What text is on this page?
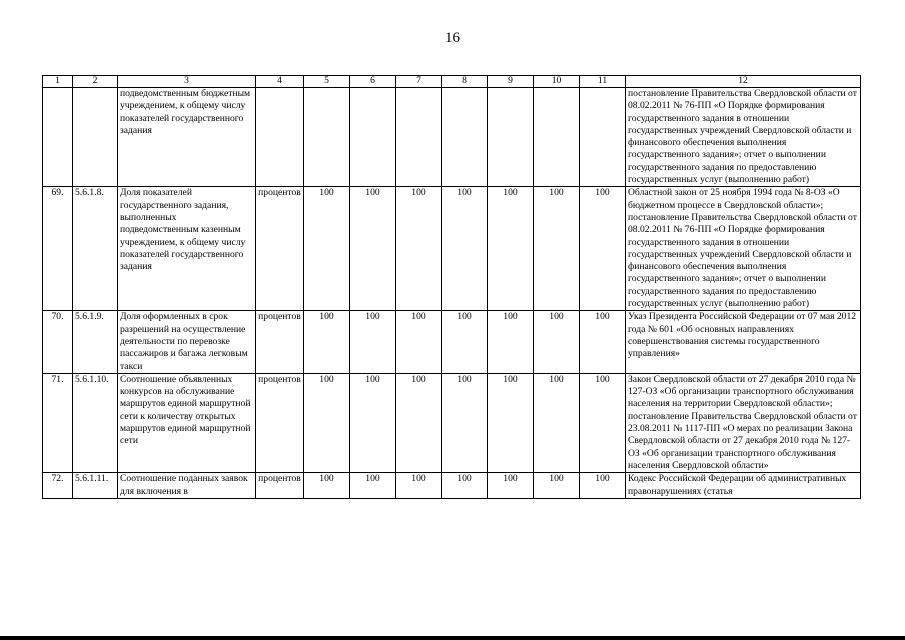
16
1	2	3	4	5	6	7	8	9	10	11	12
		подведомственным бюджетным учреждением, к общему числу показателей государственного задания									постановление Правительства Свердловской области от 08.02.2011 № 76-ПП «О Порядке формирования государственного задания в отношении государственных учреждений Свердловской области и финансового обеспечения выполнения государственного задания»; отчет о выполнении государственного задания по предоставлению государственных услуг (выполнению работ)
69.	5.6.1.8.	Доля показателей государственного задания, выполненных подведомственным казенным учреждением, к общему числу показателей государственного задания	процентов	100	100	100	100	100	100	100	Областной закон от 25 ноября 1994 года № 8-ОЗ «О бюджетном процессе в Свердловской области»; постановление Правительства Свердловской области от 08.02.2011 № 76-ПП «О Порядке формирования государственного задания в отношении государственных учреждений Свердловской области и финансового обеспечения выполнения государственного задания»; отчет о выполнении государственного задания по предоставлению государственных услуг (выполнению работ)
70.	5.6.1.9.	Доля оформленных в срок разрешений на осуществление деятельности по перевозке пассажиров и багажа легковым такси	процентов	100	100	100	100	100	100	100	Указ Президента Российской Федерации от 07 мая 2012 года № 601 «Об основных направлениях совершенствования системы государственного управления»
71.	5.6.1.10.	Соотношение объявленных конкурсов на обслуживание маршрутов единой маршрутной сети к количеству открытых маршрутов единой маршрутной сети	процентов	100	100	100	100	100	100	100	Закон Свердловской области от 27 декабря 2010 года № 127-ОЗ «Об организации транспортного обслуживания населения на территории Свердловской области»; постановление Правительства Свердловской области от 23.08.2011 № 1117-ПП «О мерах по реализации Закона Свердловской области от 27 декабря 2010 года № 127-ОЗ «Об организации транспортного обслуживания населения Свердловской области»
72.	5.6.1.11.	Соотношение поданных заявок для включения в	процентов	100	100	100	100	100	100	100	Кодекс Российской Федерации об административных правонарушениях (статья
